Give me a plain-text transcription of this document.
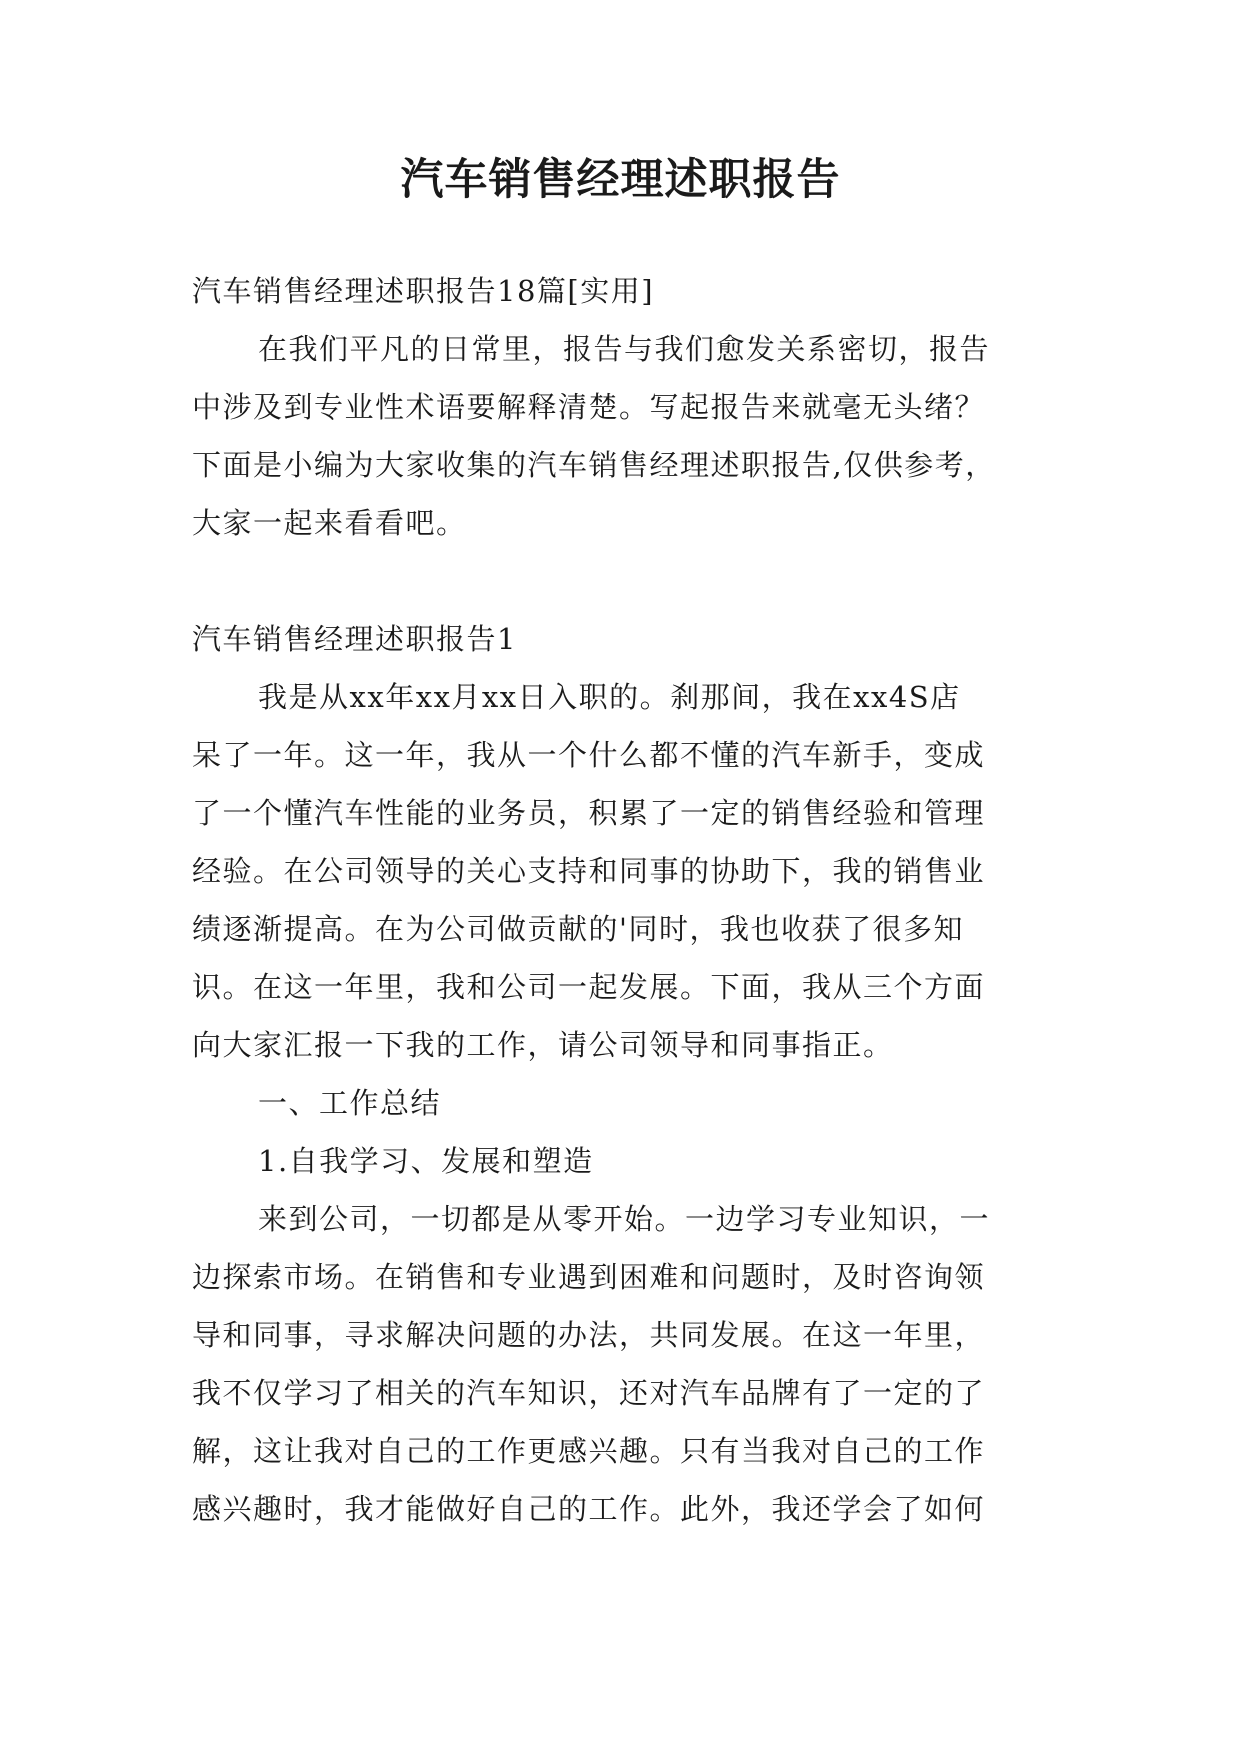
汽车销售经理述职报告

汽车销售经理述职报告18篇[实用]

在我们平凡的日常里，报告与我们愈发关系密切，报告

中涉及到专业性术语要解释清楚。写起报告来就毫无头绪？

下面是小编为大家收集的汽车销售经理述职报告,仅供参考，

大家一起来看看吧。

汽车销售经理述职报告1

我是从xx年xx月xx日入职的。刹那间，我在xx4S店

呆了一年。这一年，我从一个什么都不懂的汽车新手，变成

了一个懂汽车性能的业务员，积累了一定的销售经验和管理

经验。在公司领导的关心支持和同事的协助下，我的销售业

绩逐渐提高。在为公司做贡献的'同时，我也收获了很多知

识。在这一年里，我和公司一起发展。下面，我从三个方面

向大家汇报一下我的工作，请公司领导和同事指正。

一、工作总结

1.自我学习、发展和塑造

来到公司，一切都是从零开始。一边学习专业知识，一

边探索市场。在销售和专业遇到困难和问题时，及时咨询领

导和同事，寻求解决问题的办法，共同发展。在这一年里，

我不仅学习了相关的汽车知识，还对汽车品牌有了一定的了

解，这让我对自己的工作更感兴趣。只有当我对自己的工作

感兴趣时，我才能做好自己的工作。此外，我还学会了如何
